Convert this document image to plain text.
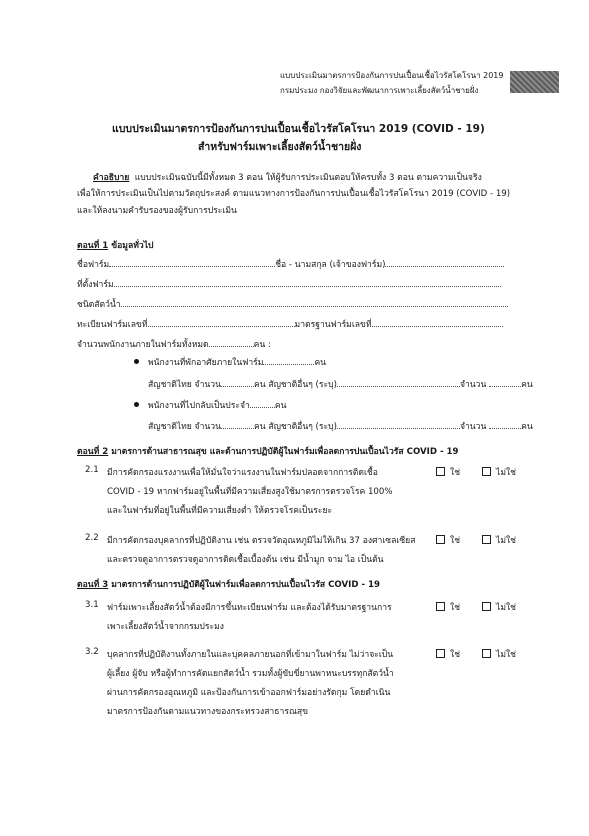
แบบประเมินมาตรการป้องกันการปนเปื้อนเชื้อไวรัสโคโรนา 2019
กรมประมง กองวิจัยและพัฒนาการเพาะเลี้ยงสัตว์น้ำชายฝั่ง
แบบประเมินมาตรการป้องกันการปนเปื้อนเชื้อไวรัสโคโรนา 2019 (COVID - 19)
สำหรับฟาร์มเพาะเลี้ยงสัตว์น้ำชายฝั่ง
คำอธิบาย แบบประเมินฉบับนี้มีทั้งหมด 3 ตอน ให้ผู้รับการประเมินตอบให้ครบทั้ง 3 ตอน ตามความเป็นจริง
เพื่อให้การประเมินเป็นไปตามวัตถุประสงค์ ตามแนวทางการป้องกันการปนเปื้อนเชื้อไวรัสโคโรนา 2019 (COVID - 19)
และให้ลงนามคำรับรองของผู้รับการประเมิน
ตอนที่ 1 ข้อมูลทั่วไป
ชื่อฟาร์ม	ชื่อ - นามสกุล (เจ้าของฟาร์ม)
ที่ตั้งฟาร์ม
ชนิดสัตว์น้ำ
ทะเบียนฟาร์มเลขที่	มาตรฐานฟาร์มเลขที่
จำนวนพนักงานภายในฟาร์มทั้งหมด	คน :
พนักงานที่พักอาศัยภายในฟาร์ม	คน
สัญชาติไทย จำนวน	คน สัญชาติอื่นๆ (ระบุ)	จำนวน	คน
พนักงานที่ไปกลับเป็นประจำ	คน
สัญชาติไทย จำนวน	คน สัญชาติอื่นๆ (ระบุ)	จำนวน	คน
ตอนที่ 2 มาตรการด้านสาธารณสุข และด้านการปฏิบัติผู้ในฟาร์มเพื่อลดการปนเปื้อนไวรัส COVID - 19
2.1 มีการคัดกรองแรงงานเพื่อให้มั่นใจว่าแรงงานในฟาร์มปลอดจากการติดเชื้อ
COVID - 19 หากฟาร์มอยู่ในพื้นที่มีความเสี่ยงสูงใช้มาตรการตรวจโรค 100%
และในฟาร์มที่อยู่ในพื้นที่มีความเสี่ยงต่ำ ให้ตรวจโรคเป็นระยะ
ใช่	ไม่ใช่
2.2 มีการคัดกรองบุคลากรที่ปฏิบัติงาน เช่น ตรวจวัดอุณหภูมิไม่ให้เกิน 37 องศาเซลเซียส
และตรวจดูอาการตรวจดูอาการติดเชื้อเบื้องต้น เช่น มีน้ำมูก จาม ไอ เป็นต้น
ใช่	ไม่ใช่
ตอนที่ 3 มาตรการด้านการปฏิบัติผู้ในฟาร์มเพื่อลดการปนเปื้อนไวรัส COVID - 19
3.1 ฟาร์มเพาะเลี้ยงสัตว์น้ำต้องมีการขึ้นทะเบียนฟาร์ม และต้องได้รับมาตรฐานการ
เพาะเลี้ยงสัตว์น้ำจากกรมประมง
ใช่	ไม่ใช่
3.2 บุคลากรที่ปฏิบัติงานทั้งภายในและบุคคลภายนอกที่เข้ามาในฟาร์ม ไม่ว่าจะเป็น
ผู้เลี้ยง ผู้จับ หรือผู้ทำการคัดแยกสัตว์น้ำ รวมทั้งผู้ขับขี่ยานพาหนะบรรทุกสัตว์น้ำ
ผ่านการคัดกรองอุณหภูมิ และป้องกันการเข้าออกฟาร์มอย่างรัดกุม โดยดำเนิน
มาตรการป้องกันตามแนวทางของกระทรวงสาธารณสุข
ใช่	ไม่ใช่
